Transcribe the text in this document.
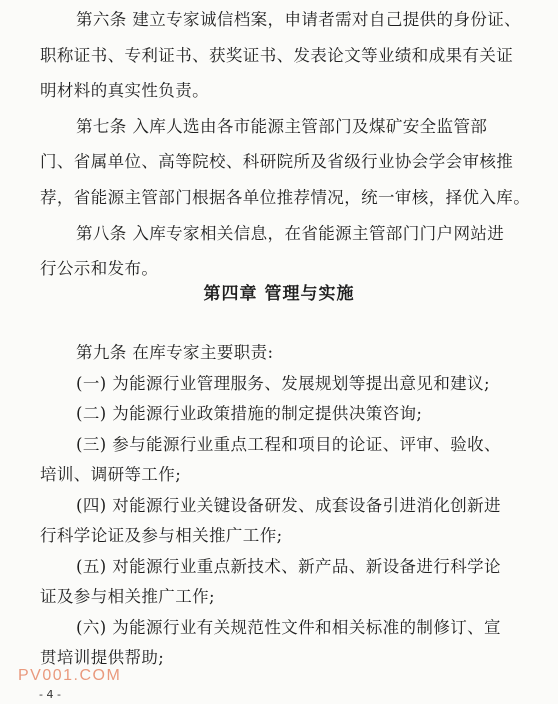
第六条 建立专家诚信档案，申请者需对自己提供的身份证、
职称证书、专利证书、获奖证书、发表论文等业绩和成果有关证
明材料的真实性负责。
第七条 入库人选由各市能源主管部门及煤矿安全监管部
门、省属单位、高等院校、科研院所及省级行业协会学会审核推
荐，省能源主管部门根据各单位推荐情况，统一审核，择优入库。
第八条 入库专家相关信息，在省能源主管部门门户网站进
行公示和发布。
第四章 管理与实施
第九条 在库专家主要职责:
(一) 为能源行业管理服务、发展规划等提出意见和建议;
(二) 为能源行业政策措施的制定提供决策咨询;
(三) 参与能源行业重点工程和项目的论证、评审、验收、
培训、调研等工作;
(四) 对能源行业关键设备研发、成套设备引进消化创新进
行科学论证及参与相关推广工作;
(五) 对能源行业重点新技术、新产品、新设备进行科学论
证及参与相关推广工作;
PV001.COM
- 4 -
(六) 为能源行业有关规范性文件和相关标准的制修订、宣
贯培训提供帮助;
